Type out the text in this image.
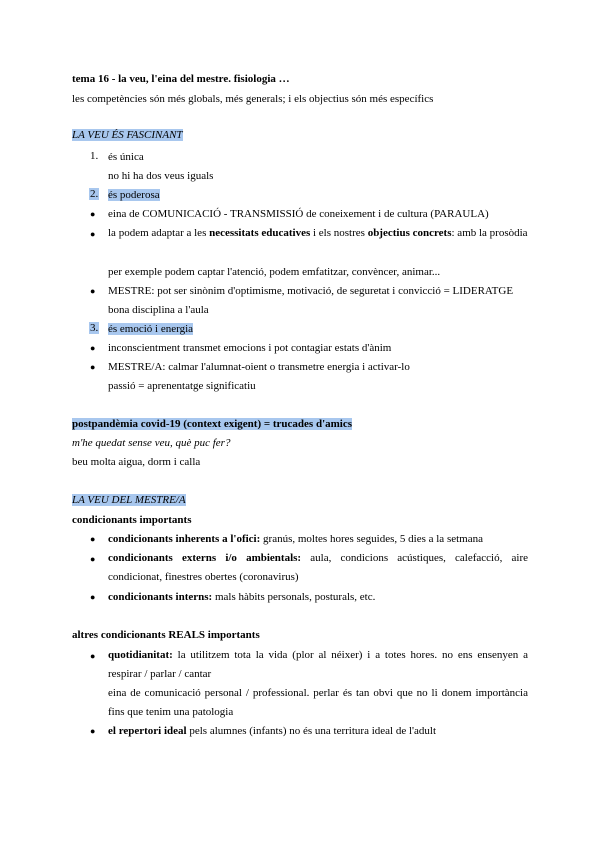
tema 16 - la veu, l'eina del mestre. fisiologia …
les competències són més globals, més generals; i els objectius són més específics
LA VEU ÉS FASCINANT
1. és única
no hi ha dos veus iguals
2. és poderosa
● eina de COMUNICACIÓ - TRANSMISSIÓ de coneixement i de cultura (PARAULA)
● la podem adaptar a les necessitats educatives i els nostres objectius concrets: amb la prosòdia
per exemple podem captar l'atenció, podem emfatitzar, convèncer, animar...
● MESTRE: pot ser sinònim d'optimisme, motivació, de seguretat i convicció = LIDERATGE
bona disciplina a l'aula
3. és emoció i energia
● inconscientment transmet emocions i pot contagiar estats d'ànim
● MESTRE/A: calmar l'alumnat-oient o transmetre energia i activar-lo
passió = aprenentatge significatiu
postpandèmia covid-19 (context exigent) = trucades d'amics
m'he quedat sense veu, què puc fer?
beu molta aigua, dorm i calla
LA VEU DEL MESTRE/A
condicionants importants
● condicionants inherents a l'ofici: granús, moltes hores seguides, 5 dies a la setmana
● condicionants externs i/o ambientals: aula, condicions acústiques, calefacció, aire condicionat, finestres obertes (coronavirus)
● condicionants interns: mals hàbits personals, posturals, etc.
altres condicionants REALS importants
● quotidianitat: la utilitzem tota la vida (plor al néixer) i a totes hores. no ens ensenyen a respirar / parlar / cantar
eina de comunicació personal / professional. perlar és tan obvi que no li donem importància fins que tenim una patologia
● el repertori ideal pels alumnes (infants) no és una territura ideal de l'adult
